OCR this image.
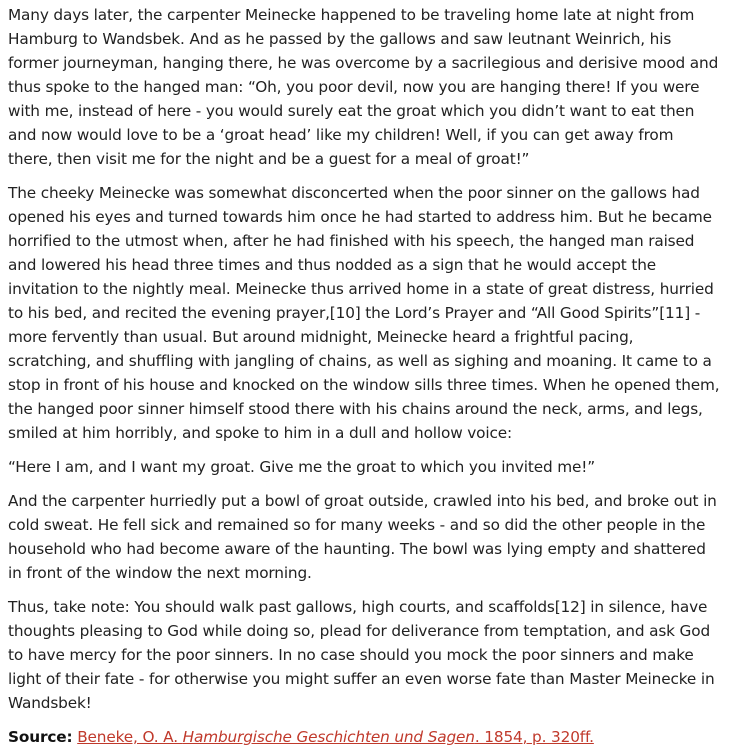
Many days later, the carpenter Meinecke happened to be traveling home late at night from Hamburg to Wandsbek. And as he passed by the gallows and saw leutnant Weinrich, his former journeyman, hanging there, he was overcome by a sacrilegious and derisive mood and thus spoke to the hanged man: “Oh, you poor devil, now you are hanging there! If you were with me, instead of here - you would surely eat the groat which you didn’t want to eat then and now would love to be a ‘groat head’ like my children! Well, if you can get away from there, then visit me for the night and be a guest for a meal of groat!”

The cheeky Meinecke was somewhat disconcerted when the poor sinner on the gallows had opened his eyes and turned towards him once he had started to address him. But he became horrified to the utmost when, after he had finished with his speech, the hanged man raised and lowered his head three times and thus nodded as a sign that he would accept the invitation to the nightly meal. Meinecke thus arrived home in a state of great distress, hurried to his bed, and recited the evening prayer,[10] the Lord’s Prayer and “All Good Spirits”[11] - more fervently than usual. But around midnight, Meinecke heard a frightful pacing, scratching, and shuffling with jangling of chains, as well as sighing and moaning. It came to a stop in front of his house and knocked on the window sills three times. When he opened them, the hanged poor sinner himself stood there with his chains around the neck, arms, and legs, smiled at him horribly, and spoke to him in a dull and hollow voice:

“Here I am, and I want my groat. Give me the groat to which you invited me!”

And the carpenter hurriedly put a bowl of groat outside, crawled into his bed, and broke out in cold sweat. He fell sick and remained so for many weeks - and so did the other people in the household who had become aware of the haunting. The bowl was lying empty and shattered in front of the window the next morning.

Thus, take note: You should walk past gallows, high courts, and scaffolds[12] in silence, have thoughts pleasing to God while doing so, plead for deliverance from temptation, and ask God to have mercy for the poor sinners. In no case should you mock the poor sinners and make light of their fate - for otherwise you might suffer an even worse fate than Master Meinecke in Wandsbek!

Source: Beneke, O. A. Hamburgische Geschichten und Sagen. 1854, p. 320ff.
